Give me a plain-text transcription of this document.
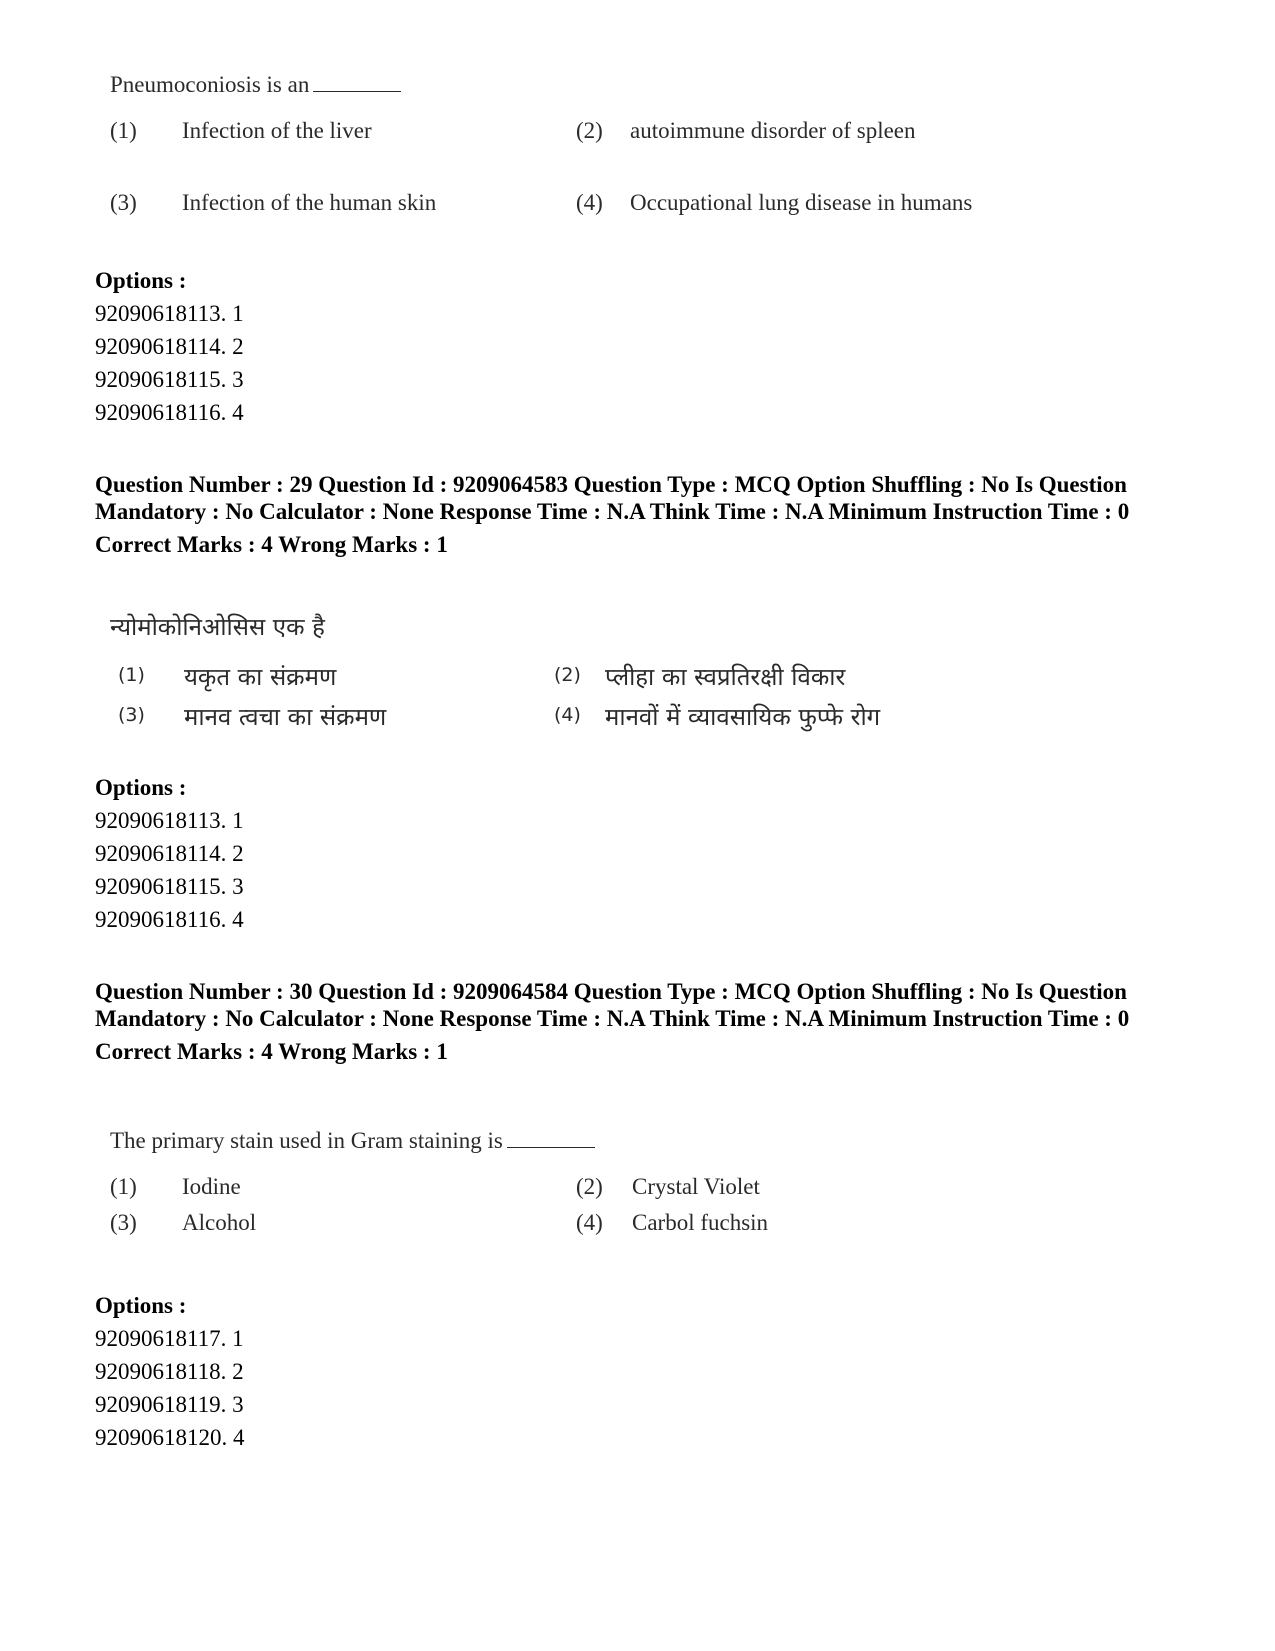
Pneumoconiosis is an

(1) Infection of the liver	(2) autoimmune disorder of spleen
(3) Infection of the human skin	(4) Occupational lung disease in humans
Options :
92090618113. 1
92090618114. 2
92090618115. 3
92090618116. 4
Question Number : 29 Question Id : 9209064583 Question Type : MCQ Option Shuffling : No Is Question Mandatory : No Calculator : None Response Time : N.A Think Time : N.A Minimum Instruction Time : 0
Correct Marks : 4 Wrong Marks : 1

न्योमोकोनिओसिस एक है

(1) यकृत का संक्रमण	(2) प्लीहा का स्वप्रतिरक्षी विकार
(3) मानव त्वचा का संक्रमण	(4) मानवों में व्यावसायिक फुप्फे रोग
Options :
92090618113. 1
92090618114. 2
92090618115. 3
92090618116. 4
Question Number : 30 Question Id : 9209064584 Question Type : MCQ Option Shuffling : No Is Question Mandatory : No Calculator : None Response Time : N.A Think Time : N.A Minimum Instruction Time : 0
Correct Marks : 4 Wrong Marks : 1

The primary stain used in Gram staining is

(1) Iodine	(2) Crystal Violet
(3) Alcohol	(4) Carbol fuchsin
Options :
92090618117. 1
92090618118. 2
92090618119. 3
92090618120. 4
